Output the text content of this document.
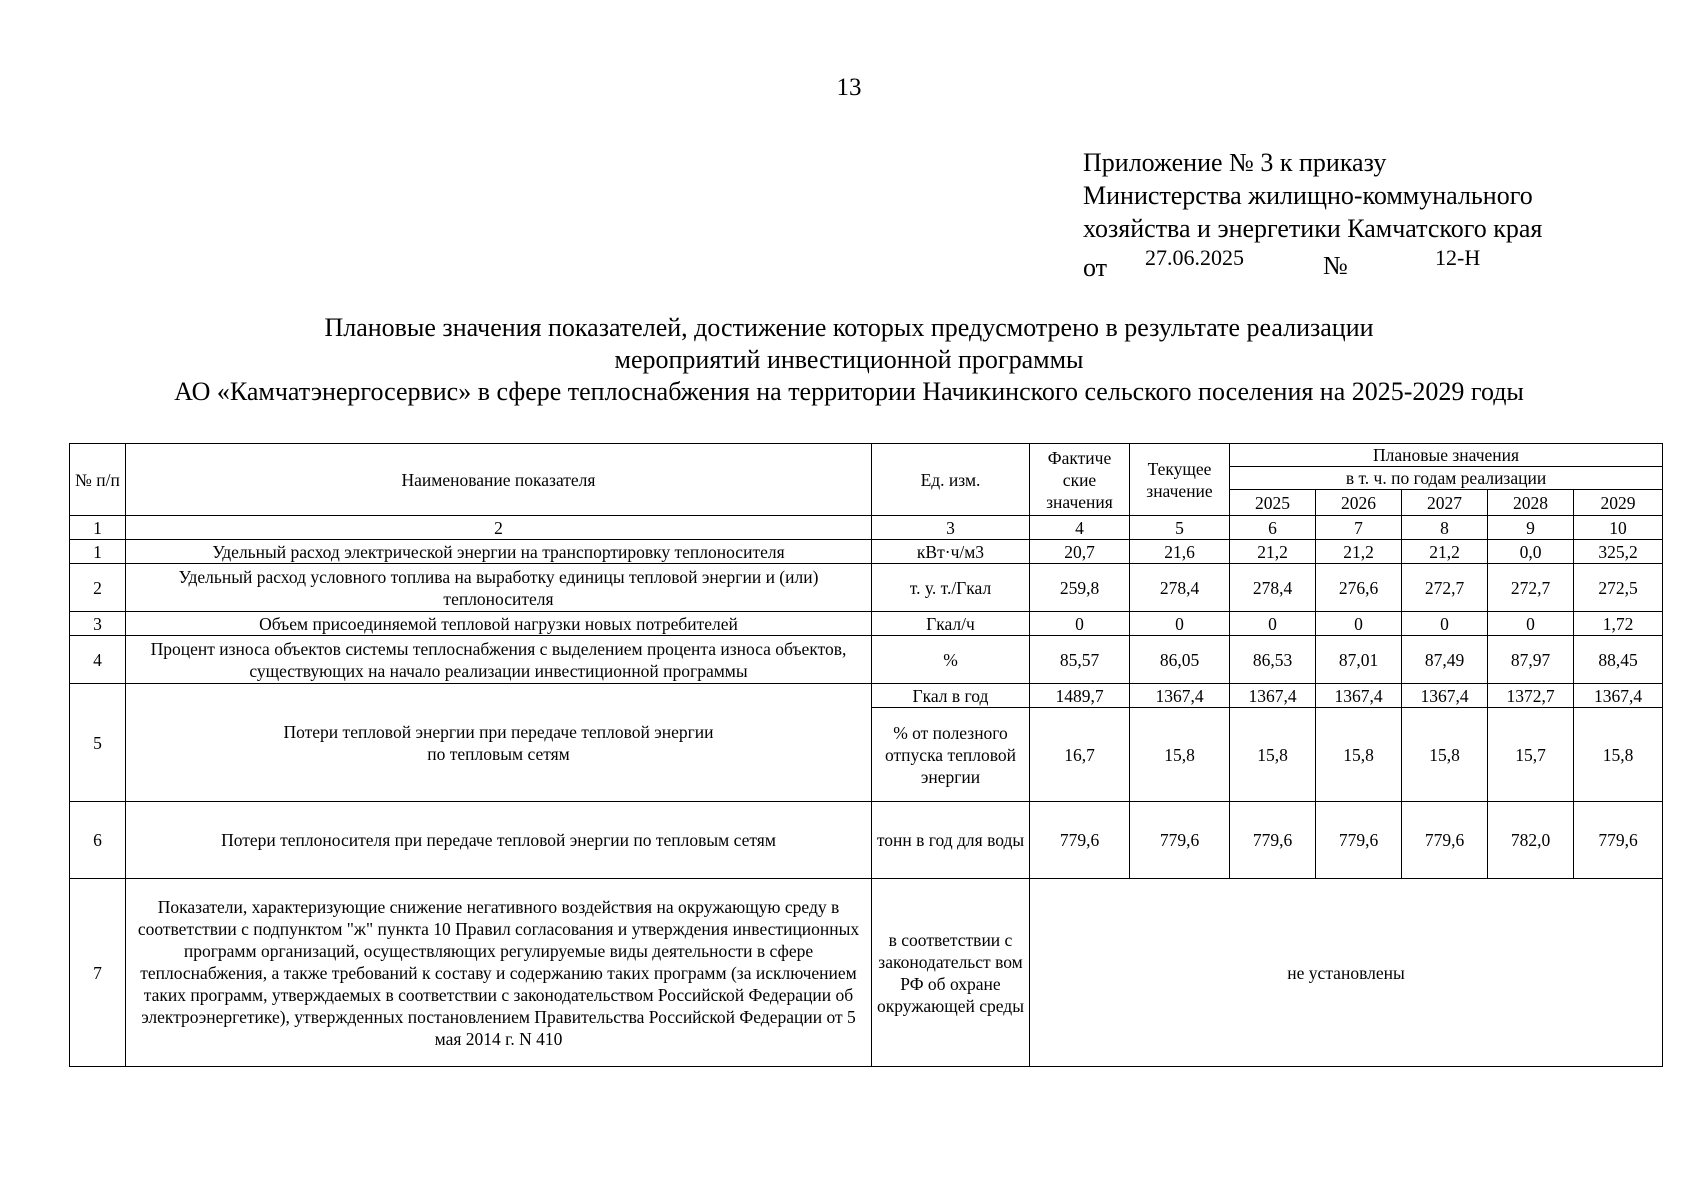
13
Приложение № 3 к приказу
Министерства жилищно-коммунального
хозяйства и энергетики Камчатского края
от 27.06.2025	№	12-Н
Плановые значения показателей, достижение которых предусмотрено в результате реализации
мероприятий инвестиционной программы
АО «Камчатэнергосервис» в сфере теплоснабжения на территории Начикинского сельского поселения на 2025-2029 годы
№ п/п	Наименование показателя	Ед. изм.	Фактиче ские значения	Текущее значение	Плановые значения				
					в т. ч. по годам реализации				
					2025	2026	2027	2028	2029
1	2	3	4	5	6	7	8	9	10
1	Удельный расход электрической энергии на транспортировку теплоносителя	кВт·ч/м3	20,7	21,6	21,2	21,2	21,2	0,0	325,2
2	Удельный расход условного топлива на выработку единицы тепловой энергии и (или) теплоносителя	т. у. т./Гкал	259,8	278,4	278,4	276,6	272,7	272,7	272,5
3	Объем присоединяемой тепловой нагрузки новых потребителей	Гкал/ч	0	0	0	0	0	0	1,72
4	Процент износа объектов системы теплоснабжения с выделением процента износа объектов, существующих на начало реализации инвестиционной программы	%	85,57	86,05	86,53	87,01	87,49	87,97	88,45
5	Потери тепловой энергии при передаче тепловой энергии
по тепловым сетям	Гкал в год	1489,7	1367,4	1367,4	1367,4	1367,4	1372,7	1367,4
		% от полезного отпуска тепловой энергии	16,7	15,8	15,8	15,8	15,8	15,7	15,8
6	Потери теплоносителя при передаче тепловой энергии по тепловым сетям	тонн в год для воды	779,6	779,6	779,6	779,6	779,6	782,0	779,6
7	Показатели, характеризующие снижение негативного воздействия на окружающую среду в соответствии с подпунктом "ж" пункта 10 Правил согласования и утверждения инвестиционных программ организаций, осуществляющих регулируемые виды деятельности в сфере теплоснабжения, а также требований к составу и содержанию таких программ (за исключением таких программ, утверждаемых в соответствии с законодательством Российской Федерации об электроэнергетике), утвержденных постановлением Правительства Российской Федерации от 5 мая 2014 г. N 410	в соответствии с законодательст вом РФ об охране окружающей среды	не установлены						
